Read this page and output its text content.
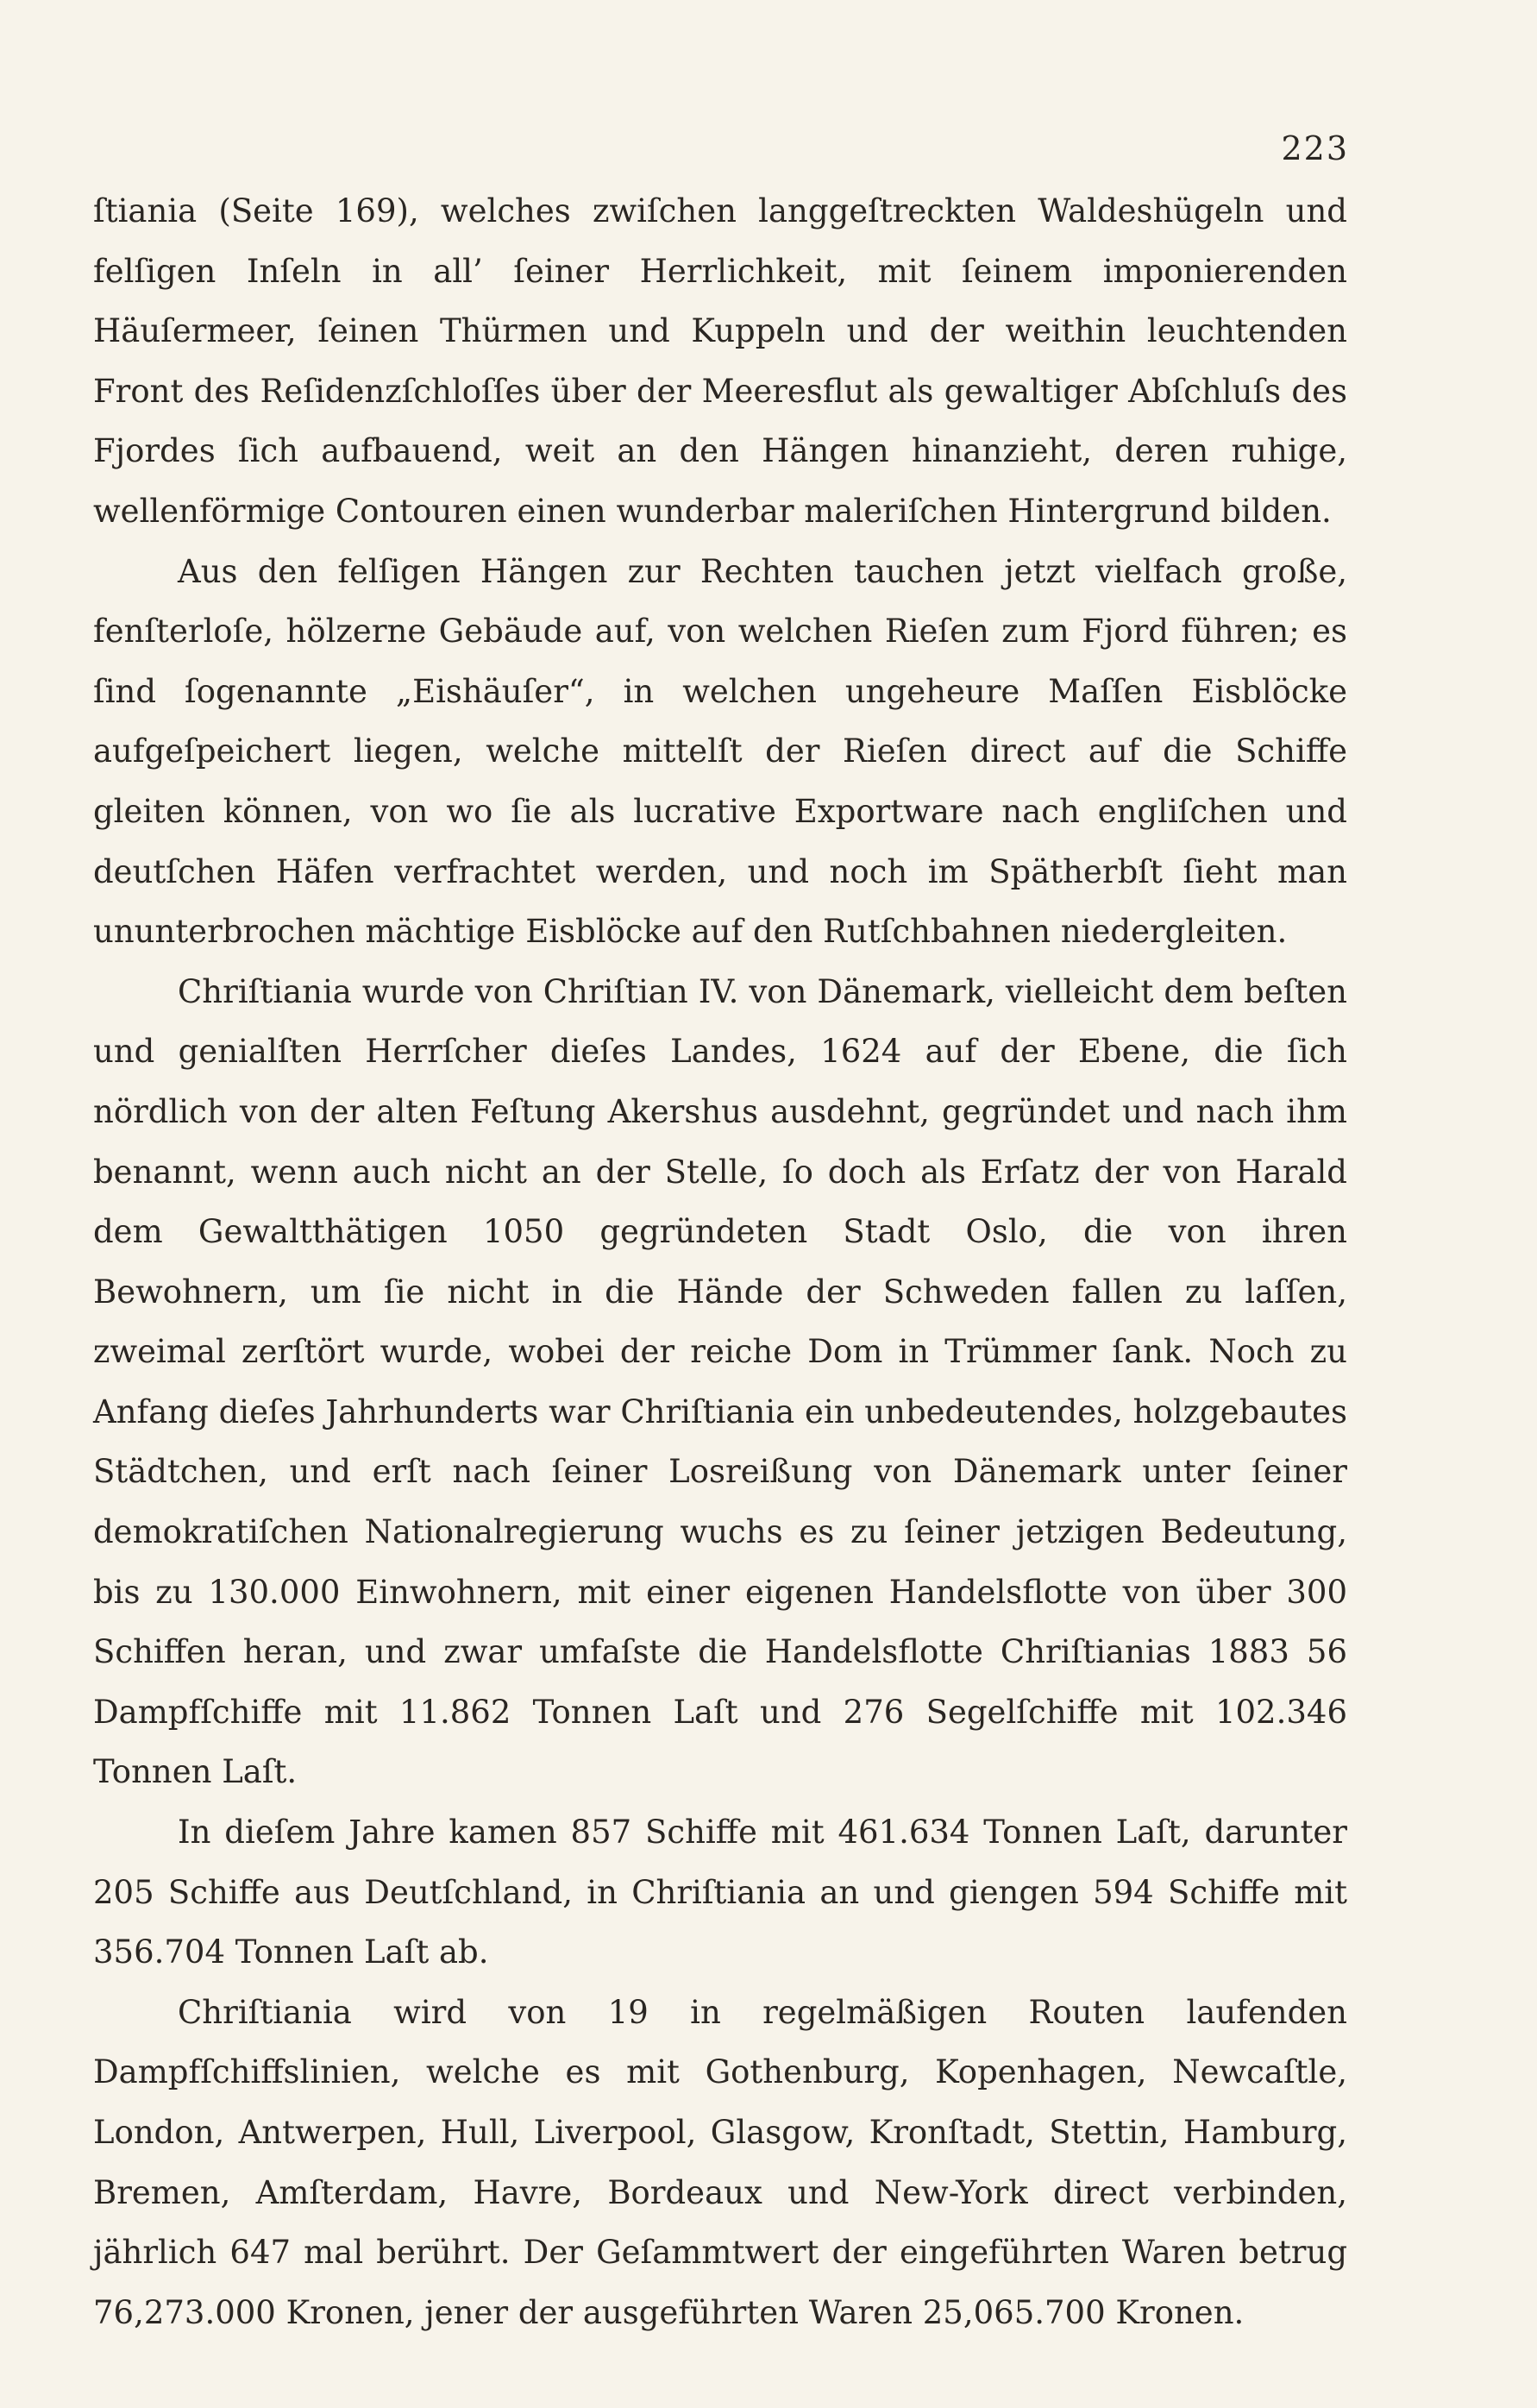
223

ſtiania (Seite 169), welches zwiſchen langgeſtreckten Waldeshügeln und felſigen Inſeln in all’ ſeiner Herrlichkeit, mit ſeinem imponierenden Häuſermeer, ſeinen Thürmen und Kuppeln und der weithin leuchtenden Front des Reſidenzſchloſſes über der Meeresflut als gewaltiger Abſchluſs des Fjordes ſich aufbauend, weit an den Hängen hinanzieht, deren ruhige, wellenförmige Contouren einen wunderbar maleriſchen Hintergrund bilden.

Aus den felſigen Hängen zur Rechten tauchen jetzt vielfach große, fenſterloſe, hölzerne Gebäude auf, von welchen Rieſen zum Fjord führen; es ſind ſogenannte „Eishäuſer“, in welchen ungeheure Maſſen Eisblöcke aufgeſpeichert liegen, welche mittelſt der Rieſen direct auf die Schiffe gleiten können, von wo ſie als lucrative Exportware nach engliſchen und deutſchen Häfen verfrachtet werden, und noch im Spätherbſt ſieht man ununterbrochen mächtige Eisblöcke auf den Rutſchbahnen niedergleiten.

Chriſtiania wurde von Chriſtian IV. von Dänemark, vielleicht dem beſten und genialſten Herrſcher dieſes Landes, 1624 auf der Ebene, die ſich nördlich von der alten Feſtung Akershus ausdehnt, gegründet und nach ihm benannt, wenn auch nicht an der Stelle, ſo doch als Erſatz der von Harald dem Gewaltthätigen 1050 gegründeten Stadt Oslo, die von ihren Bewohnern, um ſie nicht in die Hände der Schweden fallen zu laſſen, zweimal zerſtört wurde, wobei der reiche Dom in Trümmer ſank. Noch zu Anfang dieſes Jahrhunderts war Chriſtiania ein unbedeutendes, holzgebautes Städtchen, und erſt nach ſeiner Losreißung von Dänemark unter ſeiner demokratiſchen Nationalregierung wuchs es zu ſeiner jetzigen Bedeutung, bis zu 130.000 Einwohnern, mit einer eigenen Handelsflotte von über 300 Schiffen heran, und zwar umfaſste die Handelsflotte Chriſtianias 1883 56 Dampfſchiffe mit 11.862 Tonnen Laſt und 276 Segelſchiffe mit 102.346 Tonnen Laſt.

In dieſem Jahre kamen 857 Schiffe mit 461.634 Tonnen Laſt, darunter 205 Schiffe aus Deutſchland, in Chriſtiania an und giengen 594 Schiffe mit 356.704 Tonnen Laſt ab.

Chriſtiania wird von 19 in regelmäßigen Routen laufenden Dampfſchiffslinien, welche es mit Gothenburg, Kopenhagen, Newcaſtle, London, Antwerpen, Hull, Liverpool, Glasgow, Kronſtadt, Stettin, Hamburg, Bremen, Amſterdam, Havre, Bordeaux und New-York direct verbinden, jährlich 647 mal berührt. Der Geſammtwert der eingeführten Waren betrug 76,273.000 Kronen, jener der ausgeführten Waren 25,065.700 Kronen.
